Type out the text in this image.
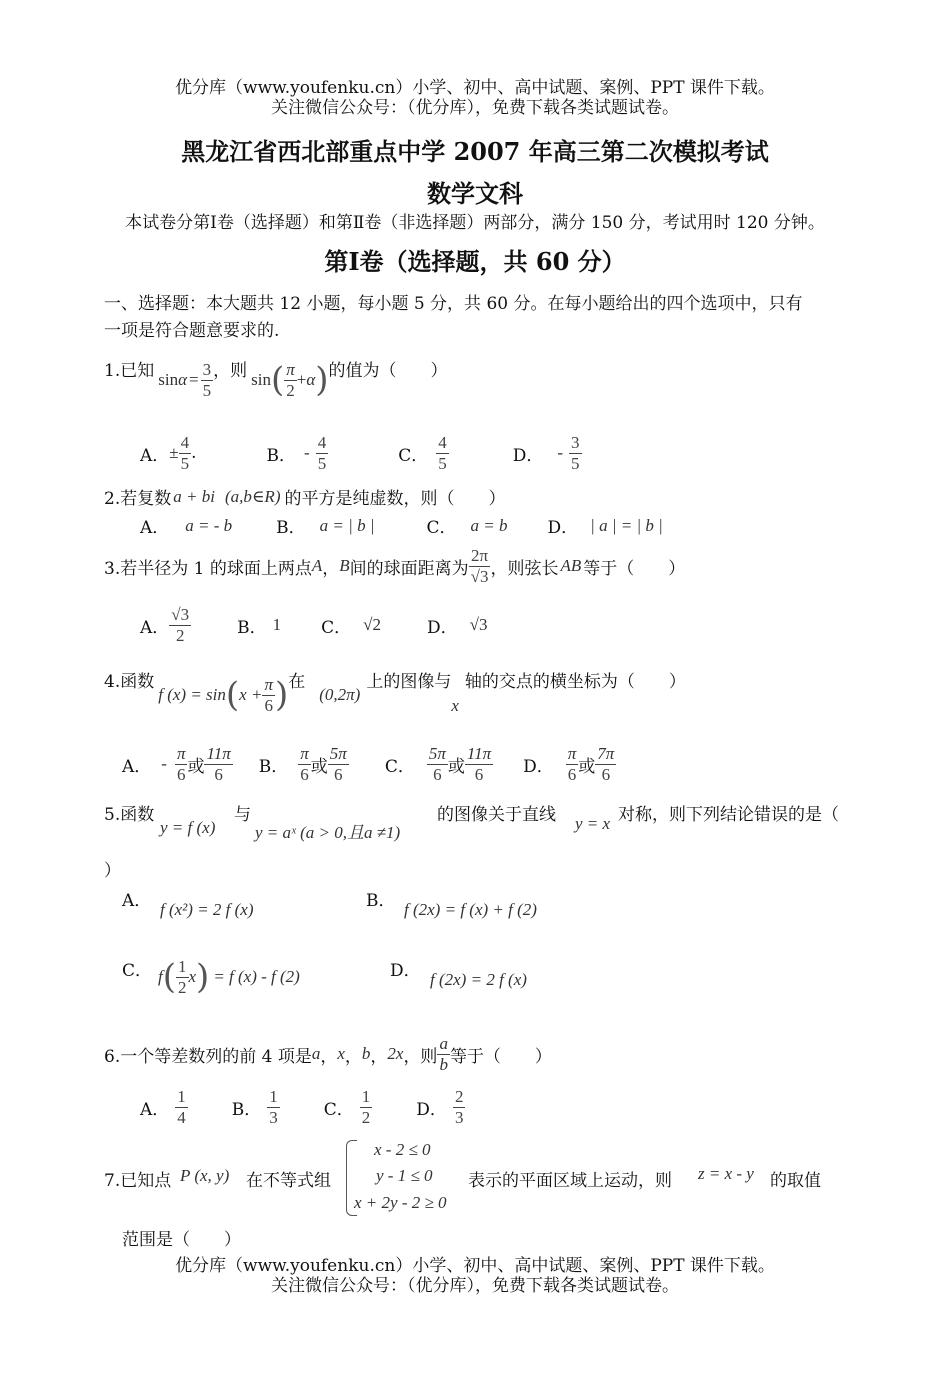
优分库（www.youfenku.cn）小学、初中、高中试题、案例、PPT 课件下载。
关注微信公众号：（优分库），免费下载各类试题试卷。
黑龙江省西北部重点中学 2007 年高三第二次模拟考试
数学文科
本试卷分第Ⅰ卷（选择题）和第Ⅱ卷（非选择题）两部分，满分 150 分，考试用时 120 分钟。
第Ⅰ卷（选择题，共 60 分）
一、选择题：本大题共 12 小题，每小题 5 分，共 60 分。在每小题给出的四个选项中，只有
一项是符合题意要求的.
1.已知 $\sin \alpha = \frac{3}{5}$ ，则 sin ( $\frac{\pi}{2} + \alpha$ ) 的值为（　　）
A． ± $\frac{4}{5}$ .	B． - $\frac{4}{5}$	C． $\frac{4}{5}$	D． - $\frac{3}{5}$
2.若复数 a + bi (a,b∈R) 的平方是纯虚数，则（　　）
A． a = - b	B． a = | b |	C． a = b D． | a | = | b |
3.若半径为 1 的球面上两点 A ， B 间的球面距离为 $\frac{2\pi}{√3}$ ，则弦长 AB 等于（　　）
A． $\frac{√3}{2}$	B． 1 C． √2	D． √3
4.函数
f (x) = sin ( $x + \frac{\pi}{6}$ ) 在
(0,2π)
上的图像与
x
轴的交点的横坐标为（　　）
A． - $\frac{\pi}{6}$ 或 $\frac{11\pi}{6}$ B． $\frac{\pi}{6}$ 或 $\frac{5\pi}{6}$ C． $\frac{5\pi}{6}$ 或 $\frac{11\pi}{6}$ D． $\frac{\pi}{6}$ 或 $\frac{7\pi}{6}$
5.函数
y = f (x)
与
y = aˣ (a > 0,且a ≠1)
的图像关于直线 y = x 对称，则下列结论错误的是（
）
A． f (x²) = 2 f (x)	B． f (2x) = f (x) + f (2)
C． f ( $\frac{1}{2}$ x ) = f (x) - f (2)	D． f (2x) = 2 f (x)
6.一个等差数列的前 4 项是 a ， x ， b ， 2x ，则 $\frac{a}{b}$ 等于（　　）
A． $\frac{1}{4}$	B． $\frac{1}{3}$	C． $\frac{1}{2}$	D． $\frac{2}{3}$
7.已知点 P (x, y) 在不等式组
x - 2 ≤ 0
y - 1 ≤ 0
x + 2y - 2 ≥ 0
表示的平面区域上运动，则 z = x - y 的取值
范围是（　　）
优分库（www.youfenku.cn）小学、初中、高中试题、案例、PPT 课件下载。
关注微信公众号：（优分库），免费下载各类试题试卷。
